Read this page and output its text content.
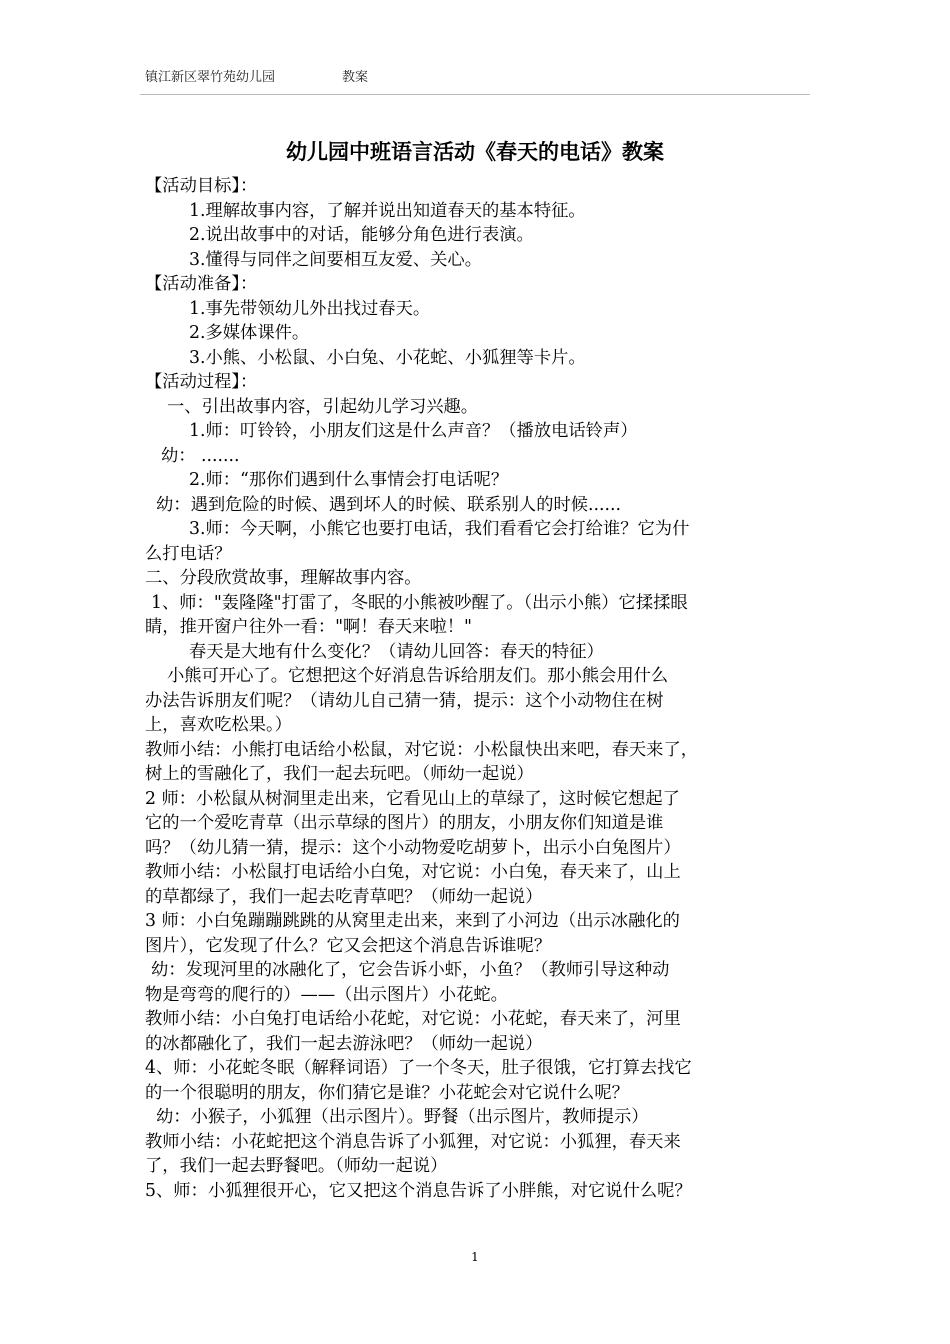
镇江新区翠竹苑幼儿园	教案
幼儿园中班语言活动《春天的电话》教案
【活动目标】：
1.理解故事内容，了解并说出知道春天的基本特征。
2.说出故事中的对话，能够分角色进行表演。
3.懂得与同伴之间要相互友爱、关心。
【活动准备】：
1.事先带领幼儿外出找过春天。
2.多媒体课件。
3.小熊、小松鼠、小白兔、小花蛇、小狐狸等卡片。
【活动过程】：
一、引出故事内容，引起幼儿学习兴趣。
1.师：叮铃铃，小朋友们这是什么声音？（播放电话铃声）
幼： .......
2.师：“那你们遇到什么事情会打电话呢？
幼：遇到危险的时候、遇到坏人的时候、联系别人的时候......
3.师：今天啊，小熊它也要打电话，我们看看它会打给谁？它为什
么打电话？
二、分段欣赏故事，理解故事内容。
1、师："轰隆隆"打雷了，冬眠的小熊被吵醒了。（出示小熊）它揉揉眼
睛，推开窗户往外一看："啊！春天来啦！"
春天是大地有什么变化？（请幼儿回答：春天的特征）
小熊可开心了。它想把这个好消息告诉给朋友们。那小熊会用什么
办法告诉朋友们呢？（请幼儿自己猜一猜，提示：这个小动物住在树
上，喜欢吃松果。）
教师小结：小熊打电话给小松鼠，对它说：小松鼠快出来吧，春天来了，
树上的雪融化了，我们一起去玩吧。（师幼一起说）
2 师：小松鼠从树洞里走出来，它看见山上的草绿了，这时候它想起了
它的一个爱吃青草（出示草绿的图片）的朋友，小朋友你们知道是谁
吗？（幼儿猜一猜，提示：这个小动物爱吃胡萝卜，出示小白兔图片）
教师小结：小松鼠打电话给小白兔，对它说：小白兔，春天来了，山上
的草都绿了，我们一起去吃青草吧？（师幼一起说）
3 师：小白兔蹦蹦跳跳的从窝里走出来，来到了小河边（出示冰融化的
图片），它发现了什么？它又会把这个消息告诉谁呢？
幼：发现河里的冰融化了，它会告诉小虾，小鱼？（教师引导这种动
物是弯弯的爬行的）——（出示图片）小花蛇。
教师小结：小白兔打电话给小花蛇，对它说：小花蛇，春天来了，河里
的冰都融化了，我们一起去游泳吧？（师幼一起说）
4、师：小花蛇冬眠（解释词语）了一个冬天，肚子很饿，它打算去找它
的一个很聪明的朋友，你们猜它是谁？小花蛇会对它说什么呢？
幼：小猴子，小狐狸（出示图片）。野餐（出示图片，教师提示）
教师小结：小花蛇把这个消息告诉了小狐狸，对它说：小狐狸，春天来
了，我们一起去野餐吧。（师幼一起说）
5、师：小狐狸很开心，它又把这个消息告诉了小胖熊，对它说什么呢？
1
